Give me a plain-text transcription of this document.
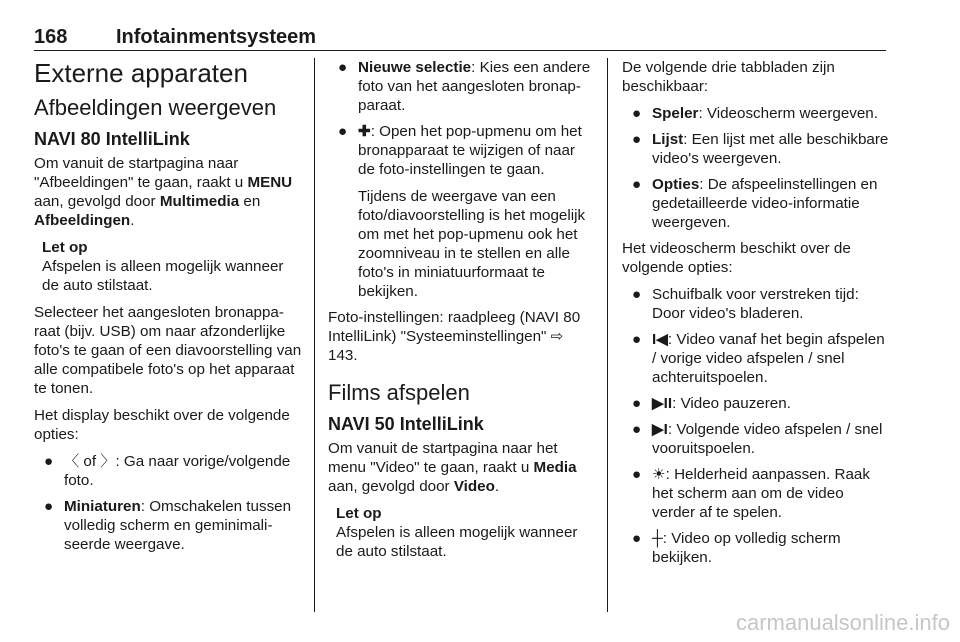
168 Infotainmentsysteem
Externe apparaten
Afbeeldingen weergeven
NAVI 80 IntelliLink

Om vanuit de startpagina naar "Afbeeldingen" te gaan, raakt u MENU aan, gevolgd door Multimedia en Afbeeldingen.

Let op
Afspelen is alleen mogelijk wanneer de auto stilstaat.

Selecteer het aangesloten bronapparaat (bijv. USB) om naar afzonderlijke foto's te gaan of een diavoorstelling van alle compatibele foto's op het apparaat te tonen.

Het display beschikt over de volgende opties:

● 〈 of 〉: Ga naar vorige/volgende foto.
● Miniaturen: Omschakelen tussen volledig scherm en geminimaliseerde weergave.
● Nieuwe selectie: Kies een andere foto van het aangesloten bronapparaat.
● ✚: Open het pop-upmenu om het bronapparaat te wijzigen of naar de foto-instellingen te gaan.
Tijdens de weergave van een foto/diavoorstelling is het mogelijk om met het pop-upmenu ook het zoomniveau in te stellen en alle foto's in miniatuurformaat te bekijken.

Foto-instellingen: raadpleeg (NAVI 80 IntelliLink) "Systeeminstellingen" ⇨ 143.

Films afspelen
NAVI 50 IntelliLink

Om vanuit de startpagina naar het menu "Video" te gaan, raakt u Media aan, gevolgd door Video.

Let op
Afspelen is alleen mogelijk wanneer de auto stilstaat.

De volgende drie tabbladen zijn beschikbaar:

● Speler: Videoscherm weergeven.
● Lijst: Een lijst met alle beschikbare video's weergeven.
● Opties: De afspeelinstellingen en gedetailleerde video-informatie weergeven.

Het videoscherm beschikt over de volgende opties:

● Schuifbalk voor verstreken tijd: Door video's bladeren.
● I◀: Video vanaf het begin afspelen / vorige video afspelen / snel achteruitspoelen.
● ▶II: Video pauzeren.
● ▶I: Volgende video afspelen / snel vooruitspoelen.
● ☀: Helderheid aanpassen. Raak het scherm aan om de video verder af te spelen.
● ┼: Video op volledig scherm bekijken.
carmanualsonline.info
